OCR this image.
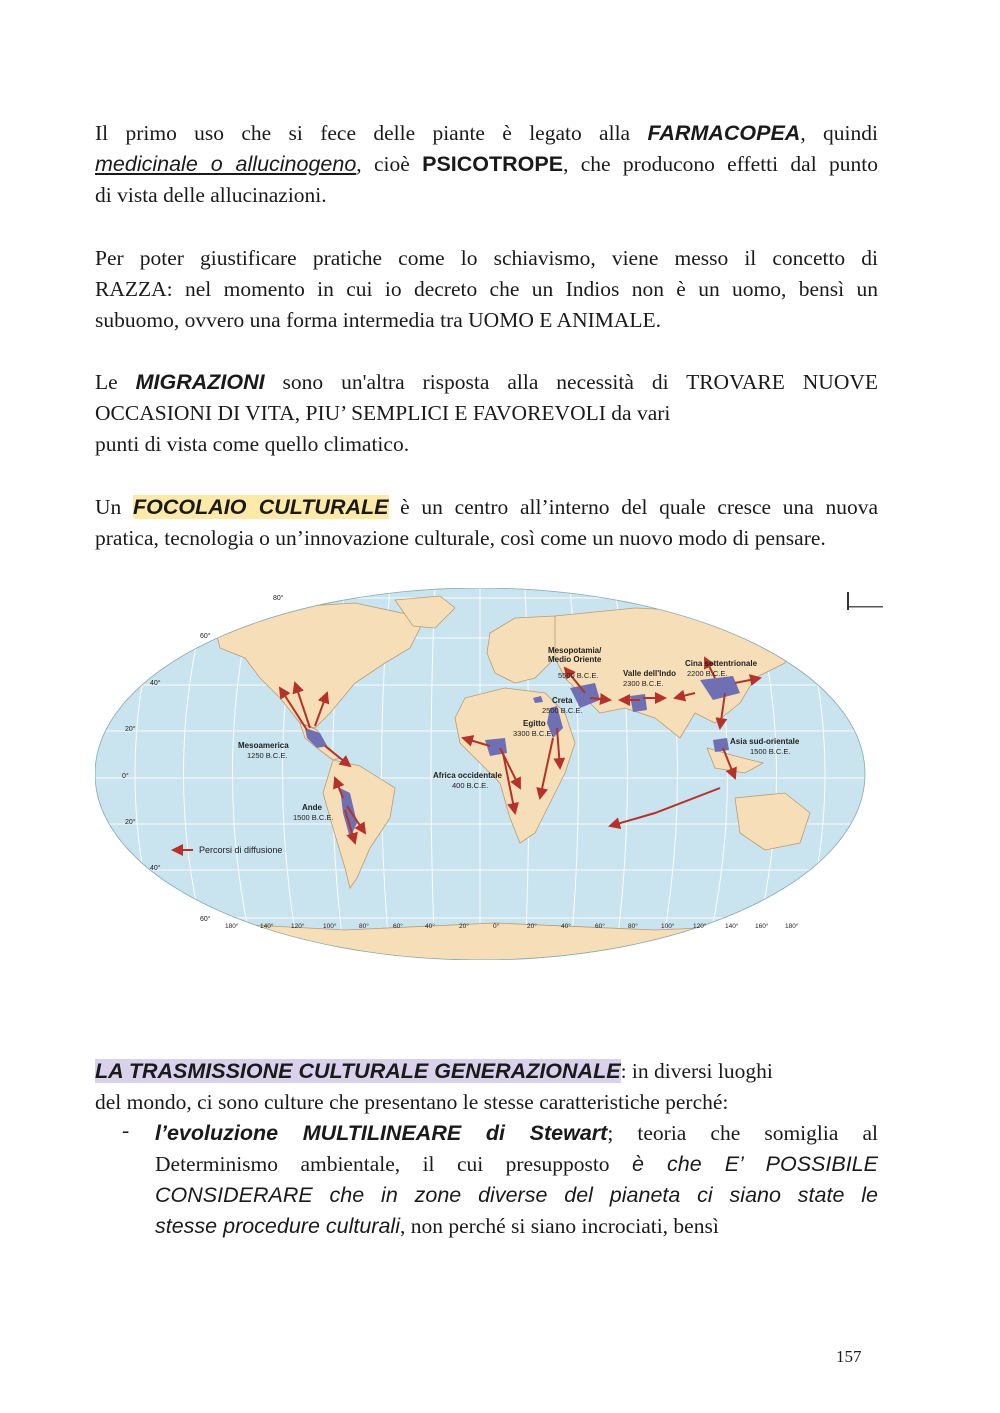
Il primo uso che si fece delle piante è legato alla FARMACOPEA, quindi
medicinale o allucinogeno, cioè PSICOTROPE, che producono effetti dal punto
di vista delle allucinazioni.
Per poter giustificare pratiche come lo schiavismo, viene messo il concetto di
RAZZA: nel momento in cui io decreto che un Indios non è un uomo, bensì un
subuomo, ovvero una forma intermedia tra UOMO E ANIMALE.
Le MIGRAZIONI sono un'altra risposta alla necessità di TROVARE NUOVE
OCCASIONI DI VITA, PIU’ SEMPLICI E FAVOREVOLI da vari
punti di vista come quello climatico.
Un FOCOLAIO CULTURALE è un centro all’interno del quale cresce una nuova
pratica, tecnologia o un’innovazione culturale, così come un nuovo modo di pensare.
80°
60°
40°
20°
0°
20°
40°
60°
180°	140°	120°	100°	80°	60°	40°	20°	0°	20°	40°	60°	80°	100°	120°	140°	160°	180°
Mesopotamia/ Medio Oriente
5500 B.C.E.	Valle dell'Indo
2300 B.C.E.
Cina settentrionale
2200 B.C.E.
Creta
2500 B.C.E.
Egitto
3300 B.C.E.
Mesoamerica
1250 B.C.E.
Asia sud-orientale
1500 B.C.E.
Africa occidentale
400 B.C.E.
Ande
1500 B.C.E.
Percorsi di diffusione
LA TRASMISSIONE CULTURALE GENERAZIONALE: in diversi luoghi
del mondo, ci sono culture che presentano le stesse caratteristiche perché:
- l’evoluzione MULTILINEARE di Stewart; teoria che somiglia al
Determinismo ambientale, il cui presupposto è che E’ POSSIBILE
CONSIDERARE che in zone diverse del pianeta ci siano state le
stesse procedure culturali, non perché si siano incrociati, bensì
157
